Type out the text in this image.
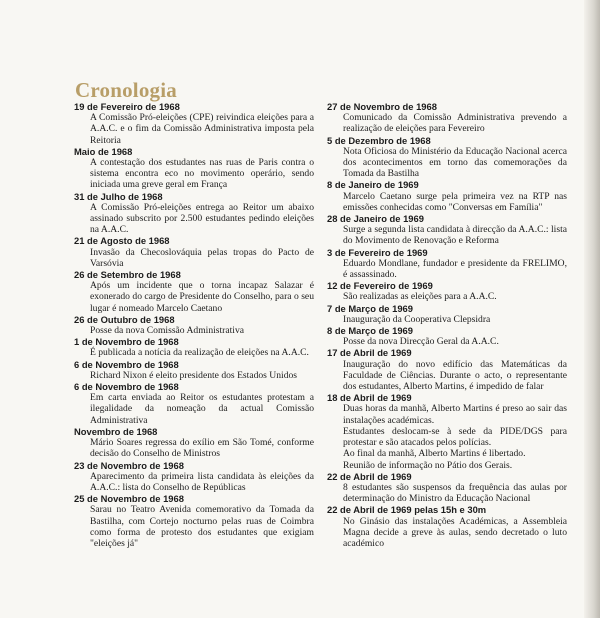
Cronologia
19 de Fevereiro de 1968

A Comissão Pró-eleições (CPE) reivindica eleições para a A.A.C. e o fim da Comissão Administrativa imposta pela Reitoria

Maio de 1968

A contestação dos estudantes nas ruas de Paris contra o sistema encontra eco no movimento operário, sendo iniciada uma greve geral em França

31 de Julho de 1968

A Comissão Pró-eleições entrega ao Reitor um abaixo assinado subscrito por 2.500 estudantes pedindo eleições na A.A.C.

21 de Agosto de 1968

Invasão da Checoslováquia pelas tropas do Pacto de Varsóvia

26 de Setembro de 1968

Após um incidente que o torna incapaz Salazar é exonerado do cargo de Presidente do Conselho, para o seu lugar é nomeado Marcelo Caetano

26 de Outubro de 1968

Posse da nova Comissão Administrativa

1 de Novembro de 1968

É publicada a notícia da realização de eleições na A.A.C.

6 de Novembro de 1968

Richard Nixon é eleito presidente dos Estados Unidos

6 de Novembro de 1968

Em carta enviada ao Reitor os estudantes protestam a ilegalidade da nomeação da actual Comissão Administrativa

Novembro de 1968

Mário Soares regressa do exílio em São Tomé, conforme decisão do Conselho de Ministros

23 de Novembro de 1968

Aparecimento da primeira lista candidata às eleições da A.A.C.: lista do Conselho de Repúblicas

25 de Novembro de 1968

Sarau no Teatro Avenida comemorativo da Tomada da Bastilha, com Cortejo nocturno pelas ruas de Coimbra como forma de protesto dos estudantes que exigiam "eleições já"

27 de Novembro de 1968

Comunicado da Comissão Administrativa prevendo a realização de eleições para Fevereiro

5 de Dezembro de 1968

Nota Oficiosa do Ministério da Educação Nacional acerca dos acontecimentos em torno das comemorações da Tomada da Bastilha

8 de Janeiro de 1969

Marcelo Caetano surge pela primeira vez na RTP nas emissões conhecidas como "Conversas em Família"

28 de Janeiro de 1969

Surge a segunda lista candidata à direcção da A.A.C.: lista do Movimento de Renovação e Reforma

3 de Fevereiro de 1969

Eduardo Mondlane, fundador e presidente da FRELIMO, é assassinado.

12 de Fevereiro de 1969

São realizadas as eleições para a A.A.C.

7 de Março de 1969

Inauguração da Cooperativa Clepsidra

8 de Março de 1969

Posse da nova Direcção Geral da A.A.C.

17 de Abril de 1969

Inauguração do novo edifício das Matemáticas da Faculdade de Ciências. Durante o acto, o representante dos estudantes, Alberto Martins, é impedido de falar

18 de Abril de 1969

Duas horas da manhã, Alberto Martins é preso ao sair das instalações académicas.

Estudantes deslocam-se à sede da PIDE/DGS para protestar e são atacados pelos polícias.

Ao final da manhã, Alberto Martins é libertado.

Reunião de informação no Pátio dos Gerais.

22 de Abril de 1969

8 estudantes são suspensos da frequência das aulas por determinação do Ministro da Educação Nacional

22 de Abril de 1969 pelas 15h e 30m

No Ginásio das instalações Académicas, a Assembleia Magna decide a greve às aulas, sendo decretado o luto académico
